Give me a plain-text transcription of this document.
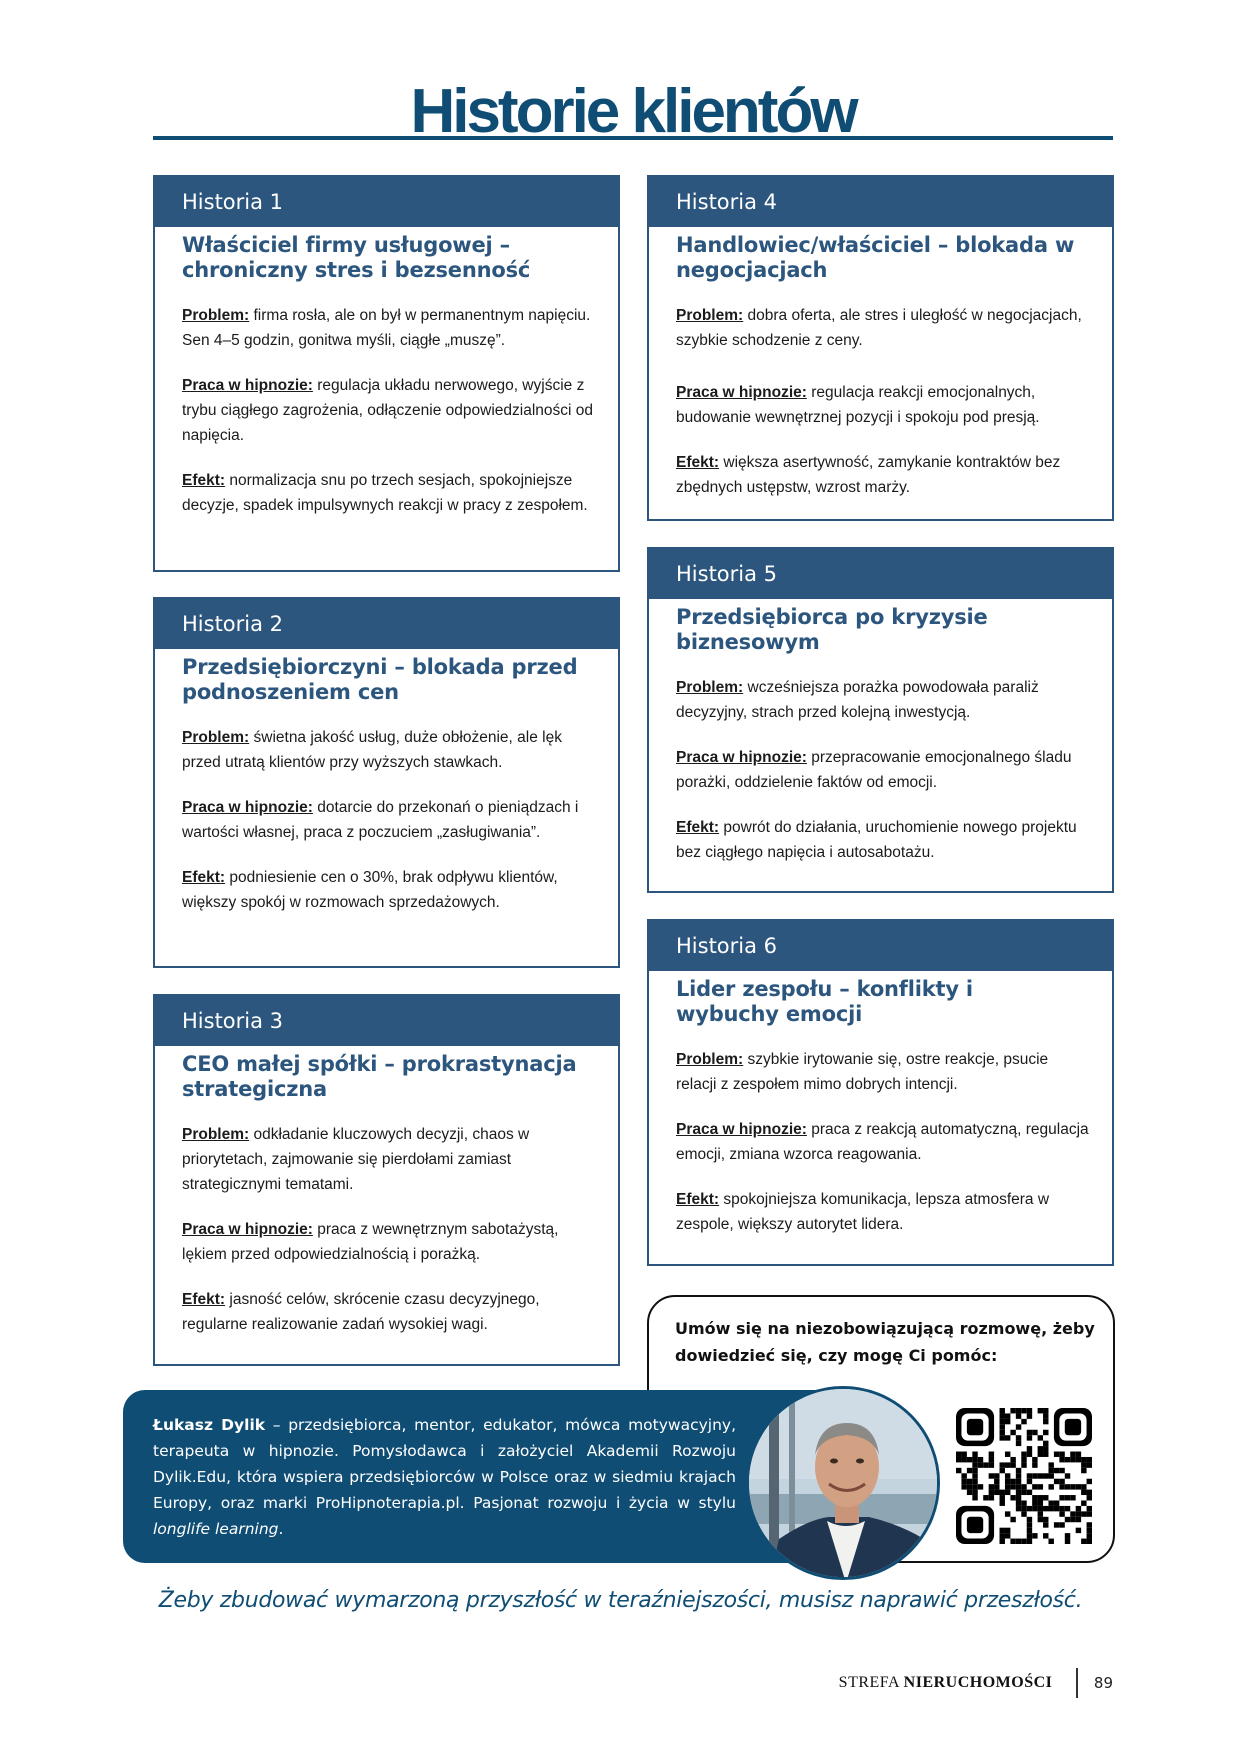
Historie klientów
Historia 1
Właściciel firmy usługowej – chroniczny stres i bezsenność
Problem: firma rosła, ale on był w permanentnym napięciu. Sen 4–5 godzin, gonitwa myśli, ciągłe „muszę”.
Praca w hipnozie: regulacja układu nerwowego, wyjście z trybu ciągłego zagrożenia, odłączenie odpowiedzialności od napięcia.
Efekt: normalizacja snu po trzech sesjach, spokojniejsze decyzje, spadek impulsywnych reakcji w pracy z zespołem.
Historia 2
Przedsiębiorczyni – blokada przed podnoszeniem cen
Problem: świetna jakość usług, duże obłożenie, ale lęk przed utratą klientów przy wyższych stawkach.
Praca w hipnozie: dotarcie do przekonań o pieniądzach i wartości własnej, praca z poczuciem „zasługiwania”.
Efekt: podniesienie cen o 30%, brak odpływu klientów, większy spokój w rozmowach sprzedażowych.
Historia 3
CEO małej spółki – prokrastynacja strategiczna
Problem: odkładanie kluczowych decyzji, chaos w priorytetach, zajmowanie się pierdołami zamiast strategicznymi tematami.
Praca w hipnozie: praca z wewnętrznym sabotażystą, lękiem przed odpowiedzialnością i porażką.
Efekt: jasność celów, skrócenie czasu decyzyjnego, regularne realizowanie zadań wysokiej wagi.
Historia 4
Handlowiec/właściciel – blokada w negocjacjach
Problem: dobra oferta, ale stres i uległość w negocjacjach, szybkie schodzenie z ceny.
Praca w hipnozie: regulacja reakcji emocjonalnych, budowanie wewnętrznej pozycji i spokoju pod presją.
Efekt: większa asertywność, zamykanie kontraktów bez zbędnych ustępstw, wzrost marży.
Historia 5
Przedsiębiorca po kryzysie biznesowym
Problem: wcześniejsza porażka powodowała paraliż decyzyjny, strach przed kolejną inwestycją.
Praca w hipnozie: przepracowanie emocjonalnego śladu porażki, oddzielenie faktów od emocji.
Efekt: powrót do działania, uruchomienie nowego projektu bez ciągłego napięcia i autosabotażu.
Historia 6
Lider zespołu – konflikty i wybuchy emocji
Problem: szybkie irytowanie się, ostre reakcje, psucie relacji z zespołem mimo dobrych intencji.
Praca w hipnozie: praca z reakcją automatyczną, regulacja emocji, zmiana wzorca reagowania.
Efekt: spokojniejsza komunikacja, lepsza atmosfera w zespole, większy autorytet lidera.
Umów się na niezobowiązującą rozmowę, żeby dowiedzieć się, czy mogę Ci pomóc:
Łukasz Dylik – przedsiębiorca, mentor, edukator, mówca motywacyjny, terapeuta w hipnozie. Pomysłodawca i założyciel Akademii Rozwoju Dylik.Edu, która wspiera przedsiębiorców w Polsce oraz w siedmiu krajach Europy, oraz marki ProHipnoterapia.pl. Pasjonat rozwoju i życia w stylu longlife learning.
Żeby zbudować wymarzoną przyszłość w teraźniejszości, musisz naprawić przeszłość.
STREFA NIERUCHOMOŚCI	89
